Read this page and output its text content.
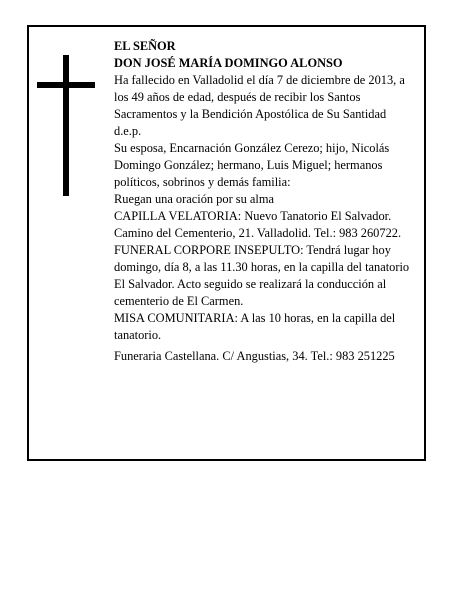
EL SEÑOR

DON JOSÉ MARÍA DOMINGO ALONSO

Ha fallecido en Valladolid el día 7 de diciembre de 2013, a los 49 años de edad, después de recibir los Santos Sacramentos y la Bendición Apostólica de Su Santidad

d.e.p.

Su esposa, Encarnación González Cerezo; hijo, Nicolás Domingo González; hermano, Luis Miguel; hermanos políticos, sobrinos y demás familia:

Ruegan una oración por su alma

CAPILLA VELATORIA: Nuevo Tanatorio El Salvador. Camino del Cementerio, 21. Valladolid. Tel.: 983 260722.

FUNERAL CORPORE INSEPULTO: Tendrá lugar hoy domingo, día 8, a las 11.30 horas, en la capilla del tanatorio El Salvador. Acto seguido se realizará la conducción al cementerio de El Carmen.

MISA COMUNITARIA: A las 10 horas, en la capilla del tanatorio.

Funeraria Castellana. C/ Angustias, 34. Tel.: 983 251225
